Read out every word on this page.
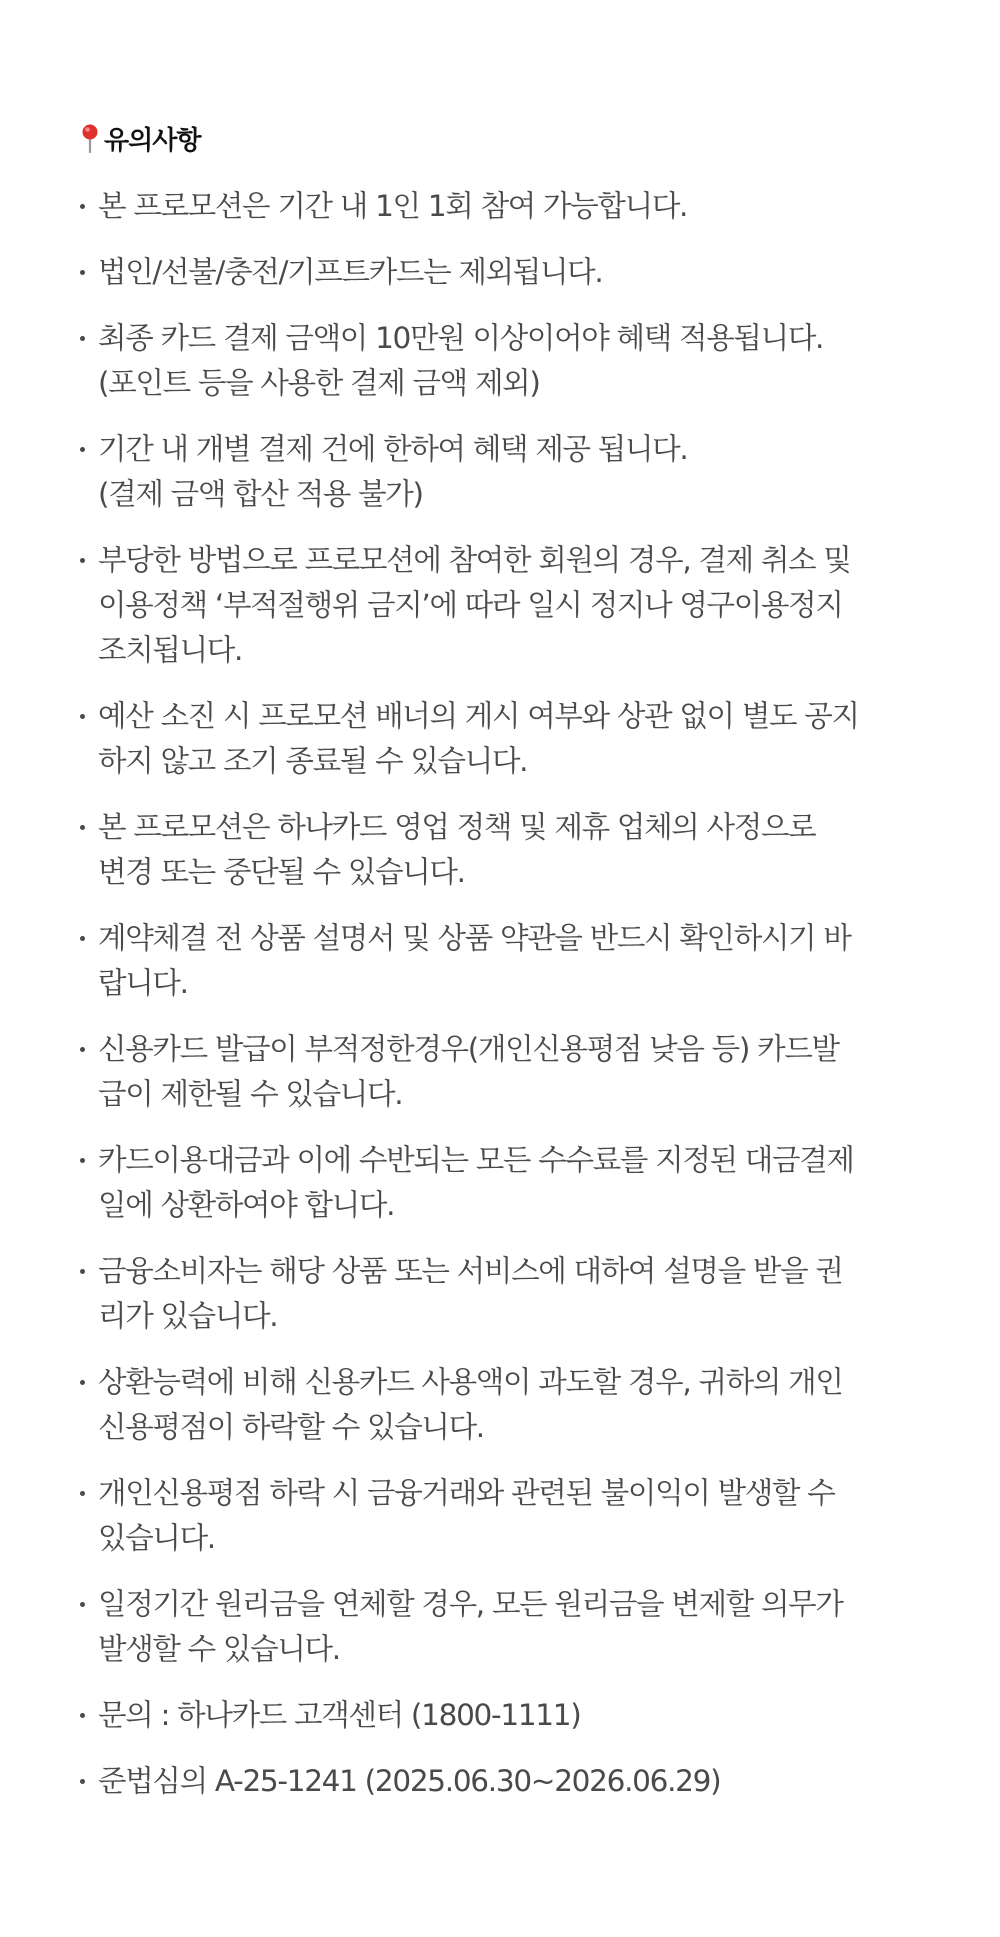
유의사항
본 프로모션은 기간 내 1인 1회 참여 가능합니다.
법인/선불/충전/기프트카드는 제외됩니다.
최종 카드 결제 금액이 10만원 이상이어야 혜택 적용됩니다.
(포인트 등을 사용한 결제 금액 제외)
기간 내 개별 결제 건에 한하여 혜택 제공 됩니다.
(결제 금액 합산 적용 불가)
부당한 방법으로 프로모션에 참여한 회원의 경우, 결제 취소 및
이용정책 ‘부적절행위 금지’에 따라 일시 정지나 영구이용정지
조치됩니다.
예산 소진 시 프로모션 배너의 게시 여부와 상관 없이 별도 공지
하지 않고 조기 종료될 수 있습니다.
본 프로모션은 하나카드 영업 정책 및 제휴 업체의 사정으로
변경 또는 중단될 수 있습니다.
계약체결 전 상품 설명서 및 상품 약관을 반드시 확인하시기 바
랍니다.
신용카드 발급이 부적정한경우(개인신용평점 낮음 등) 카드발
급이 제한될 수 있습니다.
카드이용대금과 이에 수반되는 모든 수수료를 지정된 대금결제
일에 상환하여야 합니다.
금융소비자는 해당 상품 또는 서비스에 대하여 설명을 받을 권
리가 있습니다.
상환능력에 비해 신용카드 사용액이 과도할 경우, 귀하의 개인
신용평점이 하락할 수 있습니다.
개인신용평점 하락 시 금융거래와 관련된 불이익이 발생할 수
있습니다.
일정기간 원리금을 연체할 경우, 모든 원리금을 변제할 의무가
발생할 수 있습니다.
문의 : 하나카드 고객센터 (1800-1111)
준법심의 A-25-1241 (2025.06.30~2026.06.29)
